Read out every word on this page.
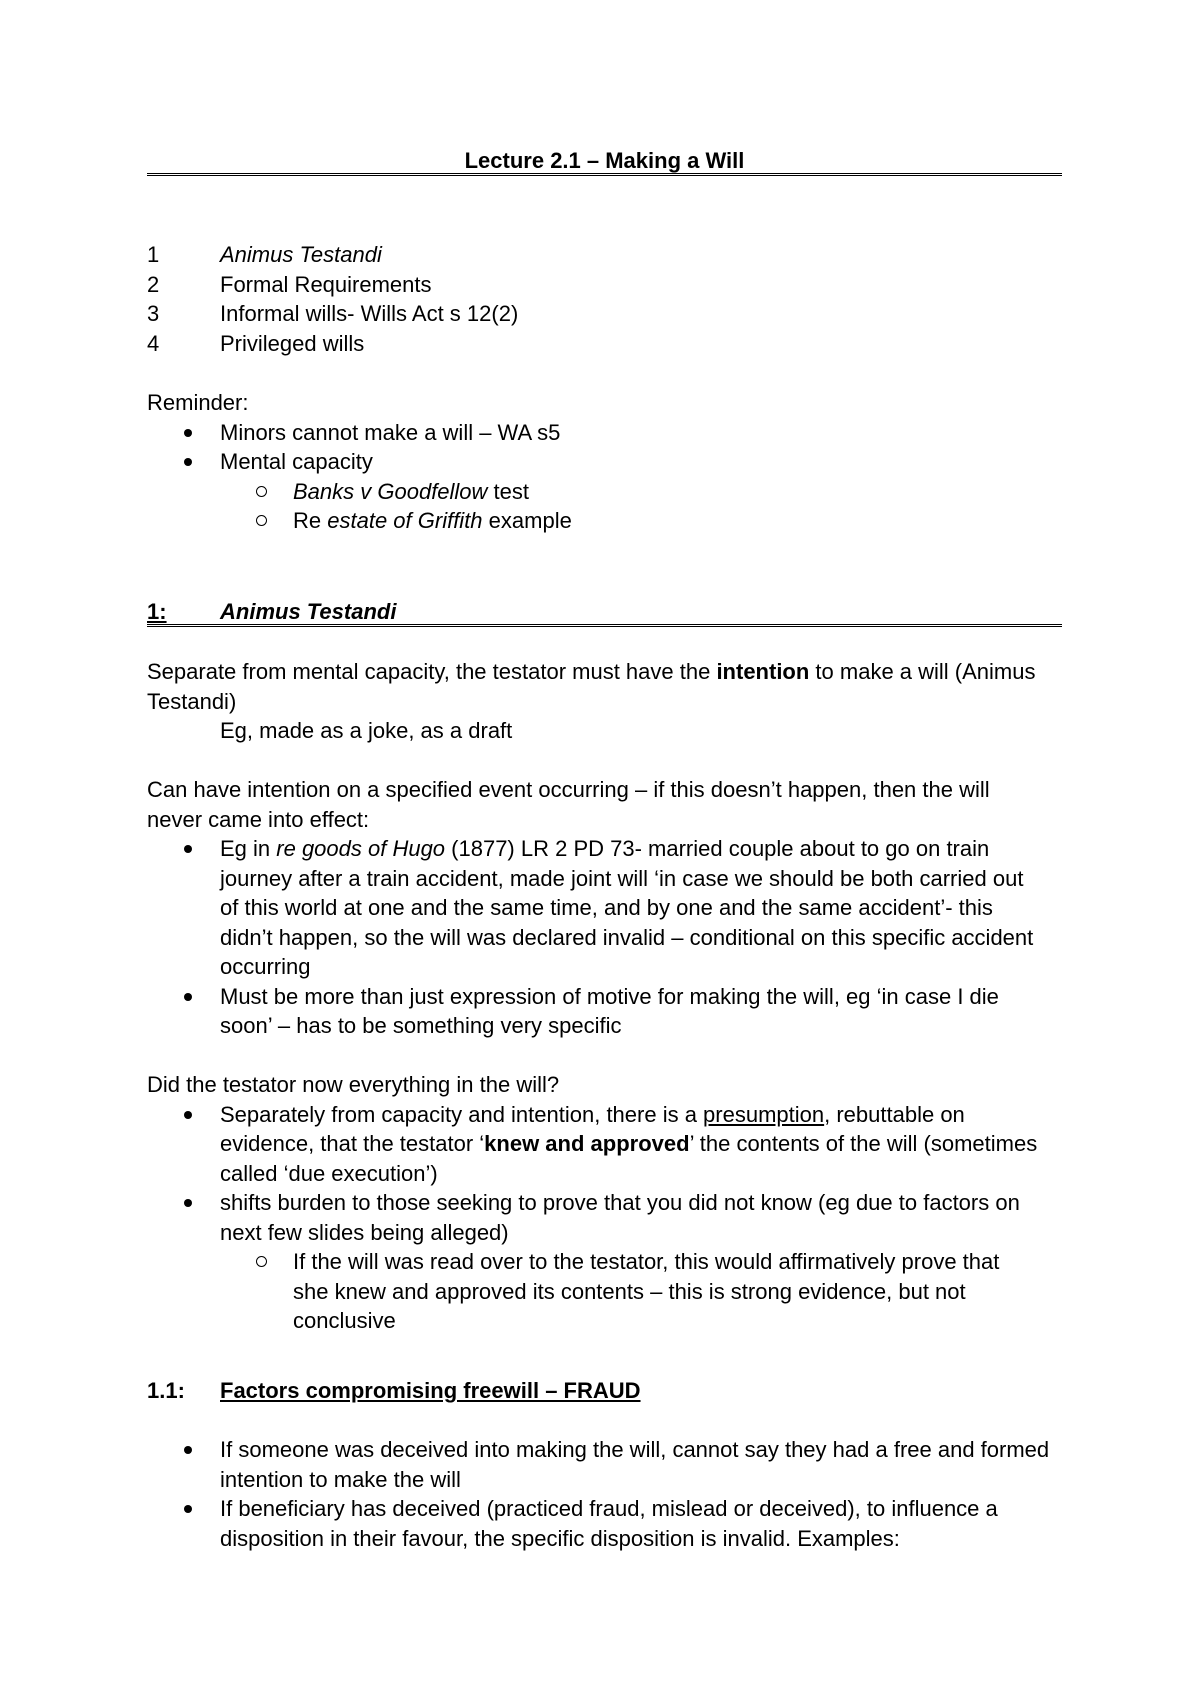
Lecture 2.1 – Making a Will
1	Animus Testandi
2	Formal Requirements
3	Informal wills- Wills Act s 12(2)
4	Privileged wills
Reminder:
Minors cannot make a will – WA s5
Mental capacity
Banks v Goodfellow test
Re estate of Griffith example
1: Animus Testandi
Separate from mental capacity, the testator must have the intention to make a will (Animus
Testandi)
Eg, made as a joke, as a draft
Can have intention on a specified event occurring – if this doesn’t happen, then the will
never came into effect:
Eg in re goods of Hugo (1877) LR 2 PD 73- married couple about to go on train
journey after a train accident, made joint will ‘in case we should be both carried out
of this world at one and the same time, and by one and the same accident’- this
didn’t happen, so the will was declared invalid – conditional on this specific accident
occurring
Must be more than just expression of motive for making the will, eg ‘in case I die
soon’ – has to be something very specific
Did the testator now everything in the will?
Separately from capacity and intention, there is a presumption, rebuttable on
evidence, that the testator ‘knew and approved’ the contents of the will (sometimes
called ‘due execution’)
shifts burden to those seeking to prove that you did not know (eg due to factors on
next few slides being alleged)
If the will was read over to the testator, this would affirmatively prove that
she knew and approved its contents – this is strong evidence, but not
conclusive
1.1: Factors compromising freewill – FRAUD
If someone was deceived into making the will, cannot say they had a free and formed
intention to make the will
If beneficiary has deceived (practiced fraud, mislead or deceived), to influence a
disposition in their favour, the specific disposition is invalid. Examples:
